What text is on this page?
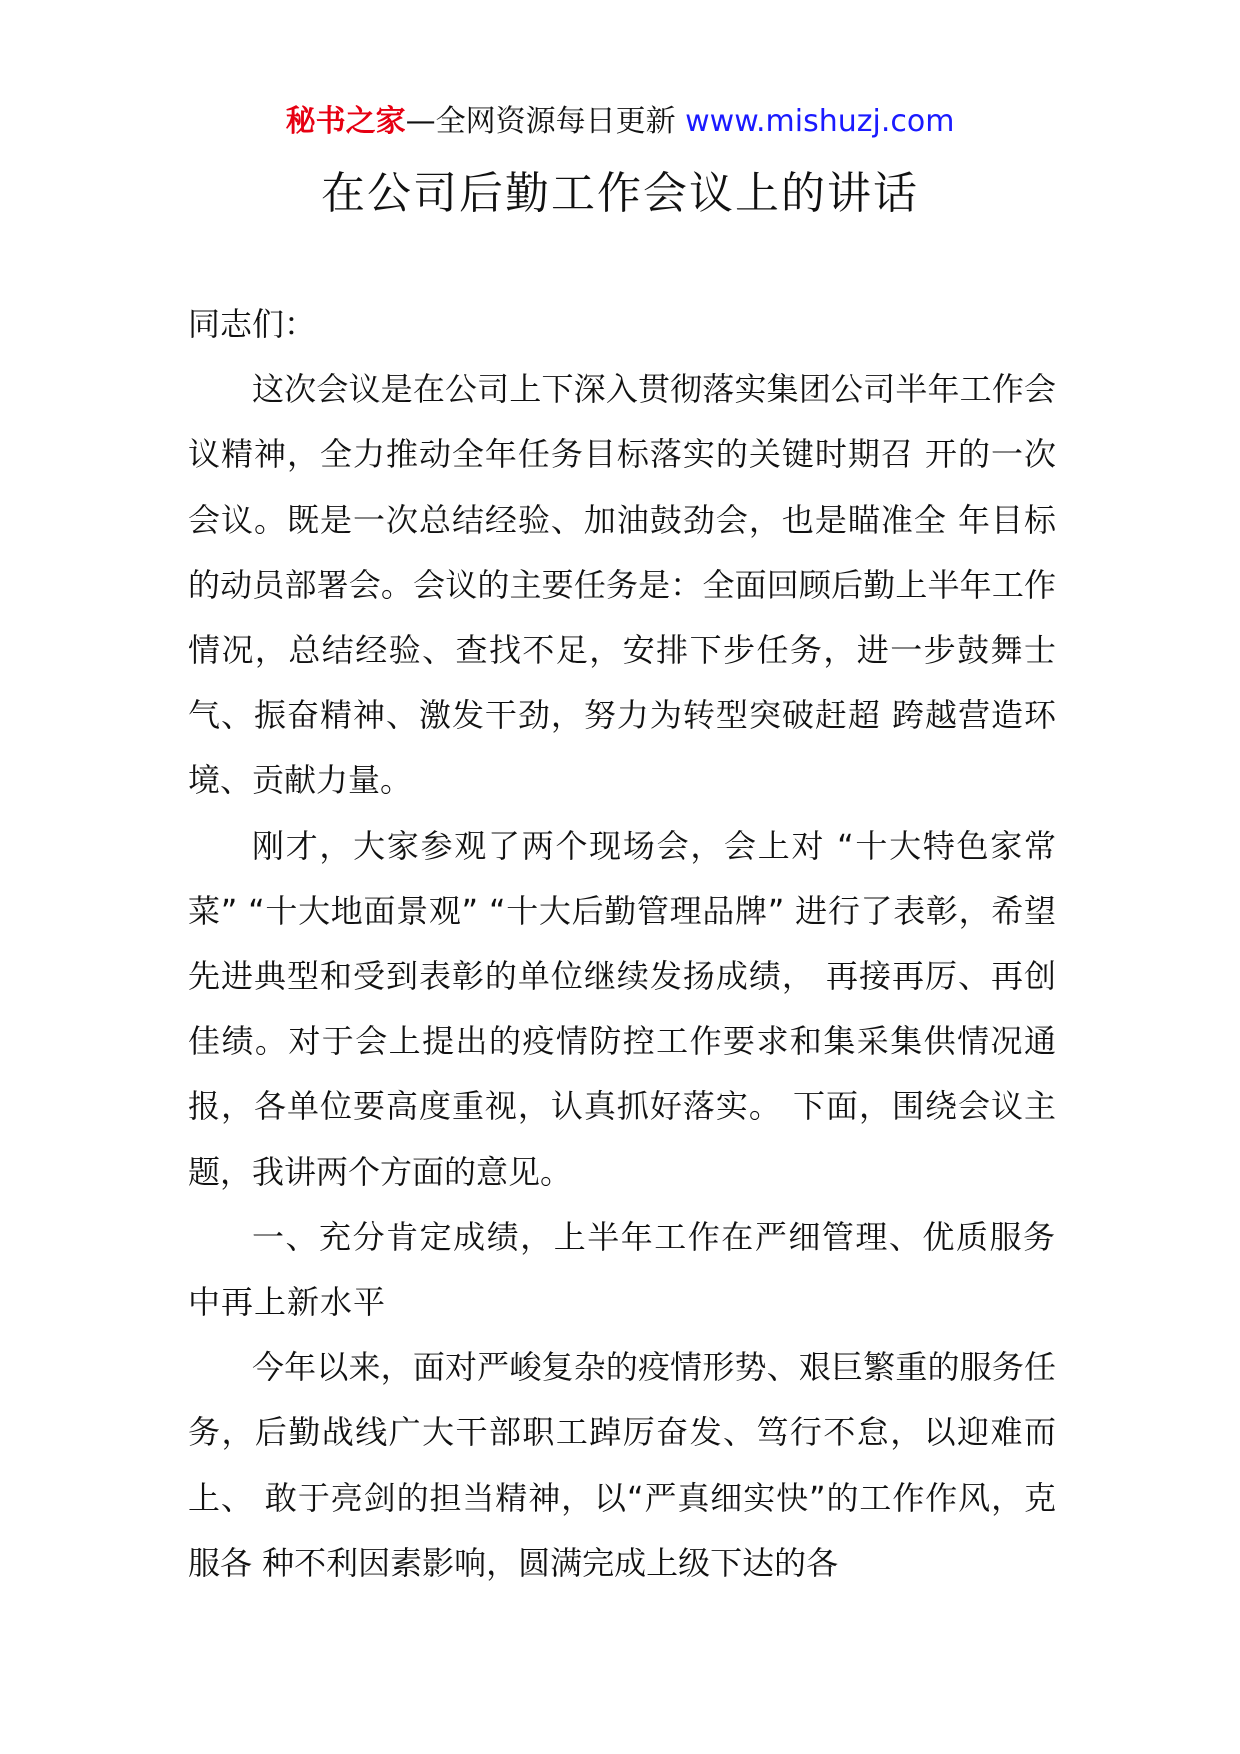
秘书之家—全网资源每日更新 www.mishuzj.com
在公司后勤工作会议上的讲话

同志们：

这次会议是在公司上下深入贯彻落实集团公司半年工作会议精神，全力推动全年任务目标落实的关键时期召 开的一次会议。既是一次总结经验、加油鼓劲会，也是瞄准全 年目标的动员部署会。会议的主要任务是：全面回顾后勤上半年工作情况，总结经验、查找不足，安排下步任务，进一步鼓舞士气、振奋精神、激发干劲，努力为转型突破赶超 跨越营造环境、贡献力量。

刚才，大家参观了两个现场会，会上对 “十大特色家常菜” “十大地面景观” “十大后勤管理品牌” 进行了表彰，希望先进典型和受到表彰的单位继续发扬成绩， 再接再厉、再创佳绩。对于会上提出的疫情防控工作要求和集采集供情况通报，各单位要高度重视，认真抓好落实。 下面，围绕会议主题，我讲两个方面的意见。

一、充分肯定成绩，上半年工作在严细管理、优质服务中再上新水平

今年以来，面对严峻复杂的疫情形势、艰巨繁重的服务任务，后勤战线广大干部职工踔厉奋发、笃行不怠，以迎难而上、 敢于亮剑的担当精神，以“严真细实快”的工作作风，克服各 种不利因素影响，圆满完成上级下达的各
